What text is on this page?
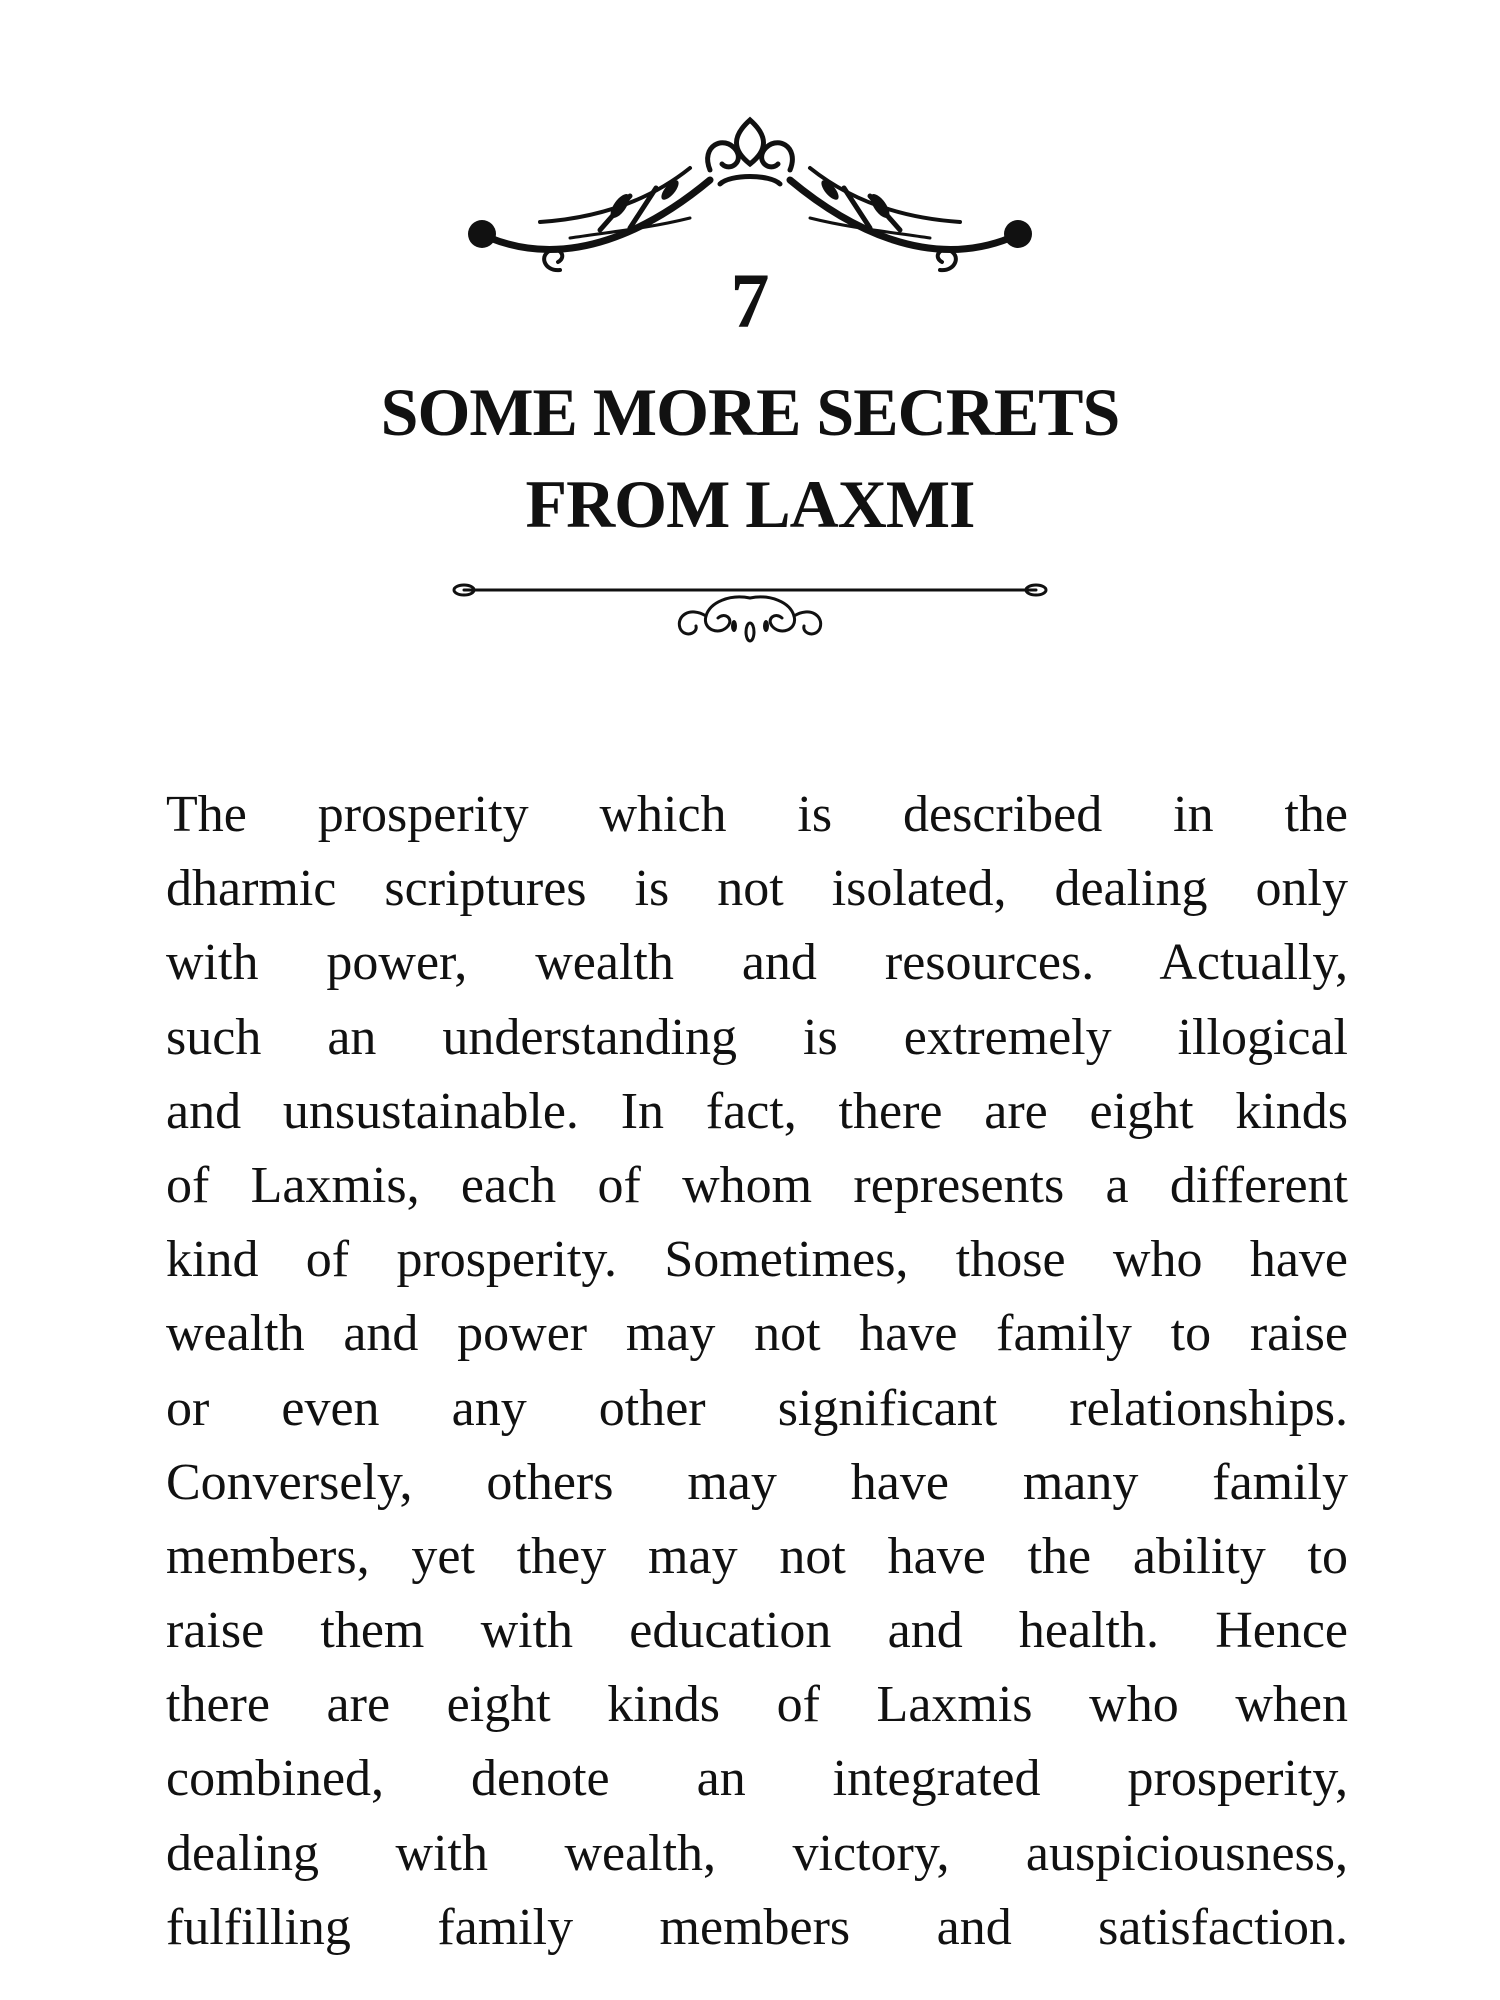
7
SOME MORE SECRETS
FROM LAXMI
The prosperity which is described in the
dharmic scriptures is not isolated, dealing only
with power, wealth and resources. Actually,
such an understanding is extremely illogical
and unsustainable. In fact, there are eight kinds
of Laxmis, each of whom represents a different
kind of prosperity. Sometimes, those who have
wealth and power may not have family to raise
or even any other significant relationships.
Conversely, others may have many family
members, yet they may not have the ability to
raise them with education and health. Hence
there are eight kinds of Laxmis who when
combined, denote an integrated prosperity,
dealing with wealth, victory, auspiciousness,
fulfilling family members and satisfaction.
